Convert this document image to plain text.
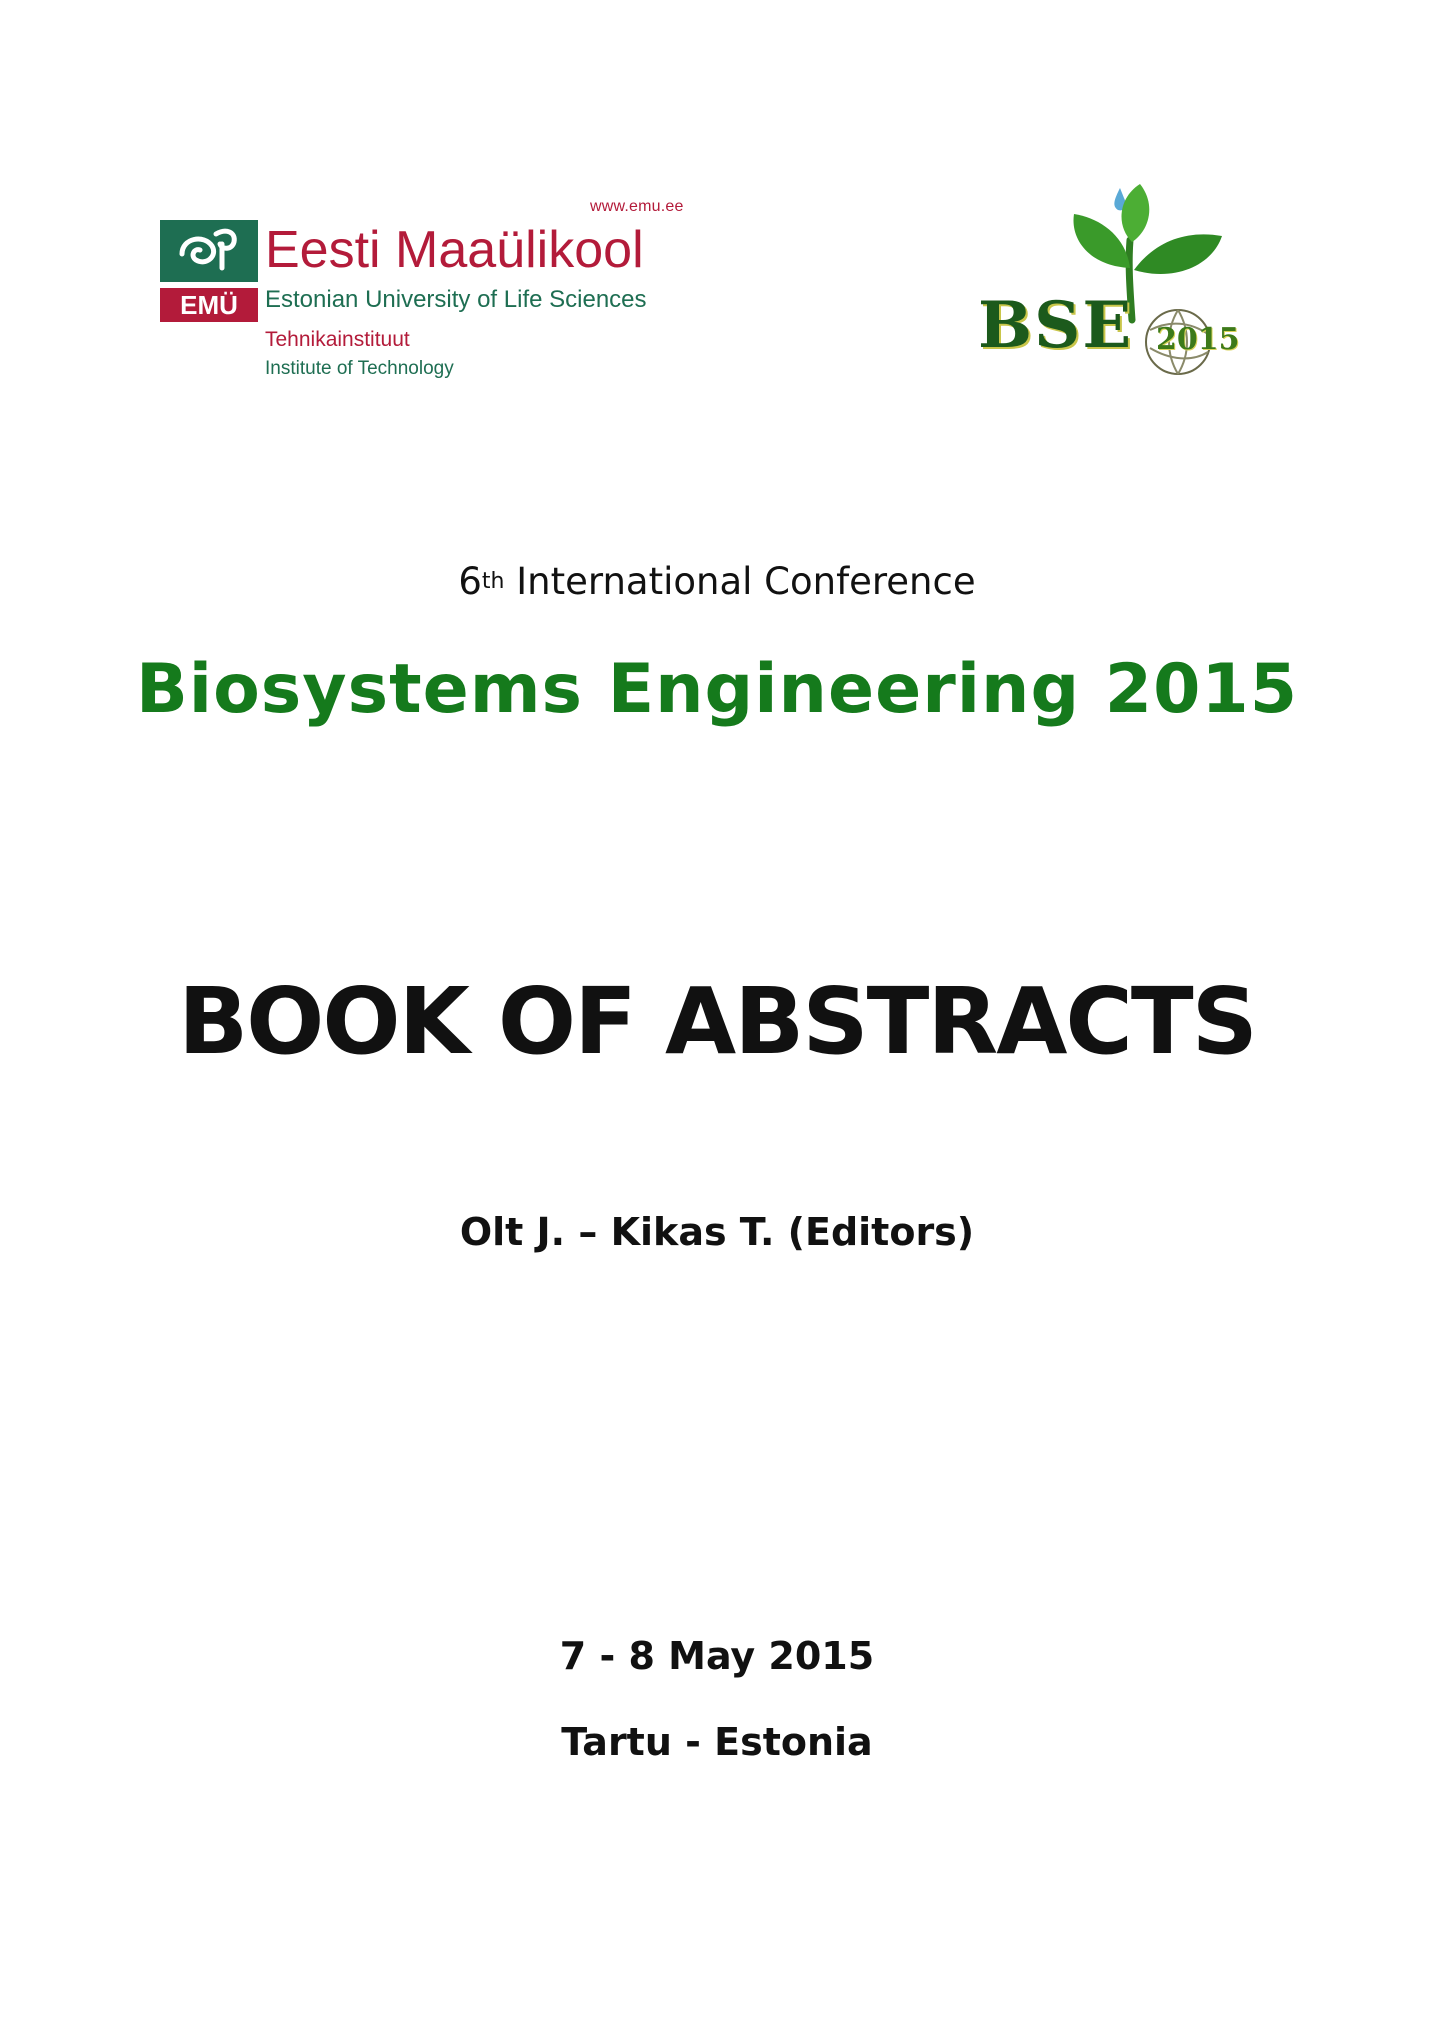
www.emu.ee
EMÜ
Eesti Maaülikool
Estonian University of Life Sciences
Tehnikainstituut
Institute of Technology
BSE 2015
6th International Conference
Biosystems Engineering 2015
BOOK OF ABSTRACTS
Olt J. – Kikas T. (Editors)
7 - 8 May 2015
Tartu - Estonia
